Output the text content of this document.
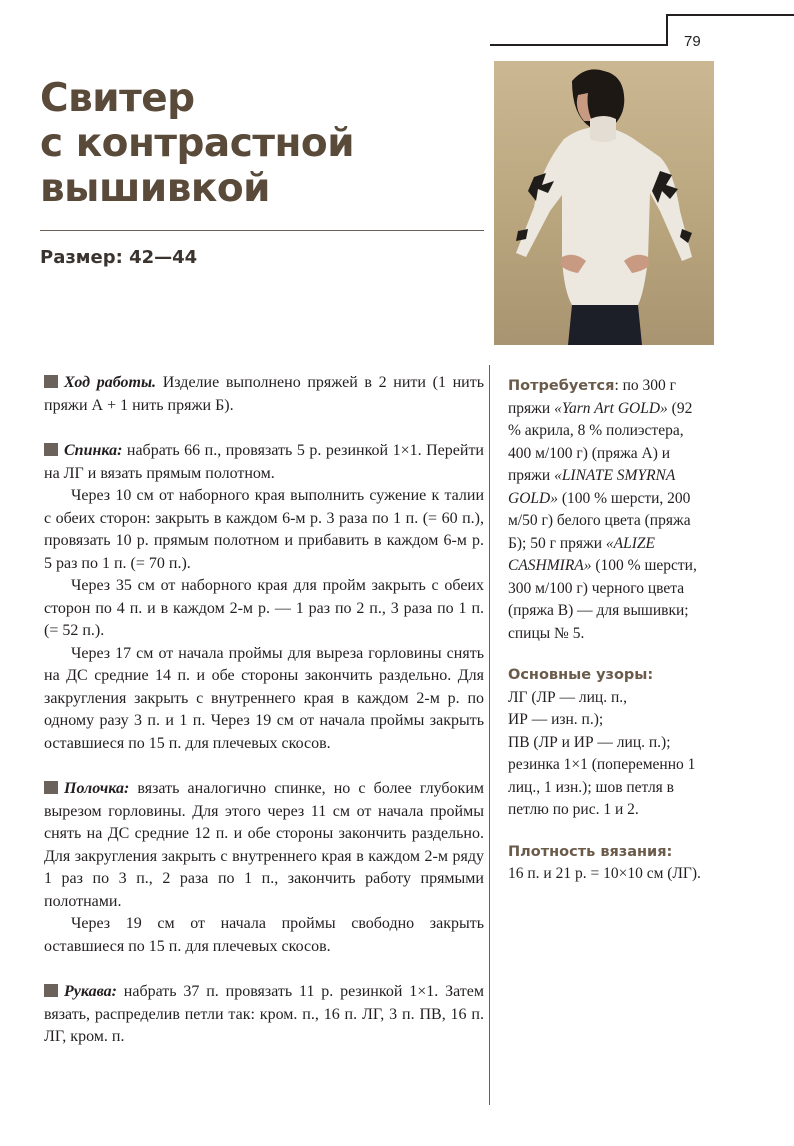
79
Свитер
с контрастной
вышивкой
Размер: 42—44

Ход работы. Изделие выполнено пряжей в 2 нити (1 нить пряжи А + 1 нить пряжи Б).

Спинка: набрать 66 п., провязать 5 р. резинкой 1×1. Перейти на ЛГ и вязать прямым полотном.

Через 10 см от наборного края выполнить сужение к талии с обеих сторон: закрыть в каждом 6-м р. 3 раза по 1 п. (= 60 п.), провязать 10 р. прямым полотном и прибавить в каждом 6-м р. 5 раз по 1 п. (= 70 п.).

Через 35 см от наборного края для пройм закрыть с обеих сторон по 4 п. и в каждом 2-м р. — 1 раз по 2 п., 3 раза по 1 п. (= 52 п.).

Через 17 см от начала проймы для выреза горловины снять на ДС средние 14 п. и обе стороны закончить раздельно. Для закругления закрыть с внутреннего края в каждом 2-м р. по одному разу 3 п. и 1 п. Через 19 см от начала проймы закрыть оставшиеся по 15 п. для плечевых скосов.

Полочка: вязать аналогично спинке, но с более глубоким вырезом горловины. Для этого через 11 см от начала проймы снять на ДС средние 12 п. и обе стороны закончить раздельно. Для закругления закрыть с внутреннего края в каждом 2-м ряду 1 раз по 3 п., 2 раза по 1 п., закончить работу прямыми полотнами.

Через 19 см от начала проймы свободно закрыть оставшиеся по 15 п. для плечевых скосов.

Рукава: набрать 37 п. провязать 11 р. резинкой 1×1. Затем вязать, распределив петли так: кром. п., 16 п. ЛГ, 3 п. ПВ, 16 п. ЛГ, кром. п.

Потребуется: по 300 г пряжи «Yarn Art GOLD» (92 % акрила, 8 % полиэстера, 400 м/100 г) (пряжа А) и пряжи «LINATE SMYRNA GOLD» (100 % шерсти, 200 м/50 г) белого цвета (пряжа Б); 50 г пряжи «ALIZE CASHMIRA» (100 % шерсти, 300 м/100 г) черного цвета (пряжа В) — для вышивки; спицы № 5.

Основные узоры:

ЛГ (ЛР — лиц. п.,

ИР — изн. п.);

ПВ (ЛР и ИР — лиц. п.);

резинка 1×1 (попеременно 1 лиц., 1 изн.); шов петля в петлю по рис. 1 и 2.

Плотность вязания:

16 п. и 21 р. = 10×10 см (ЛГ).
